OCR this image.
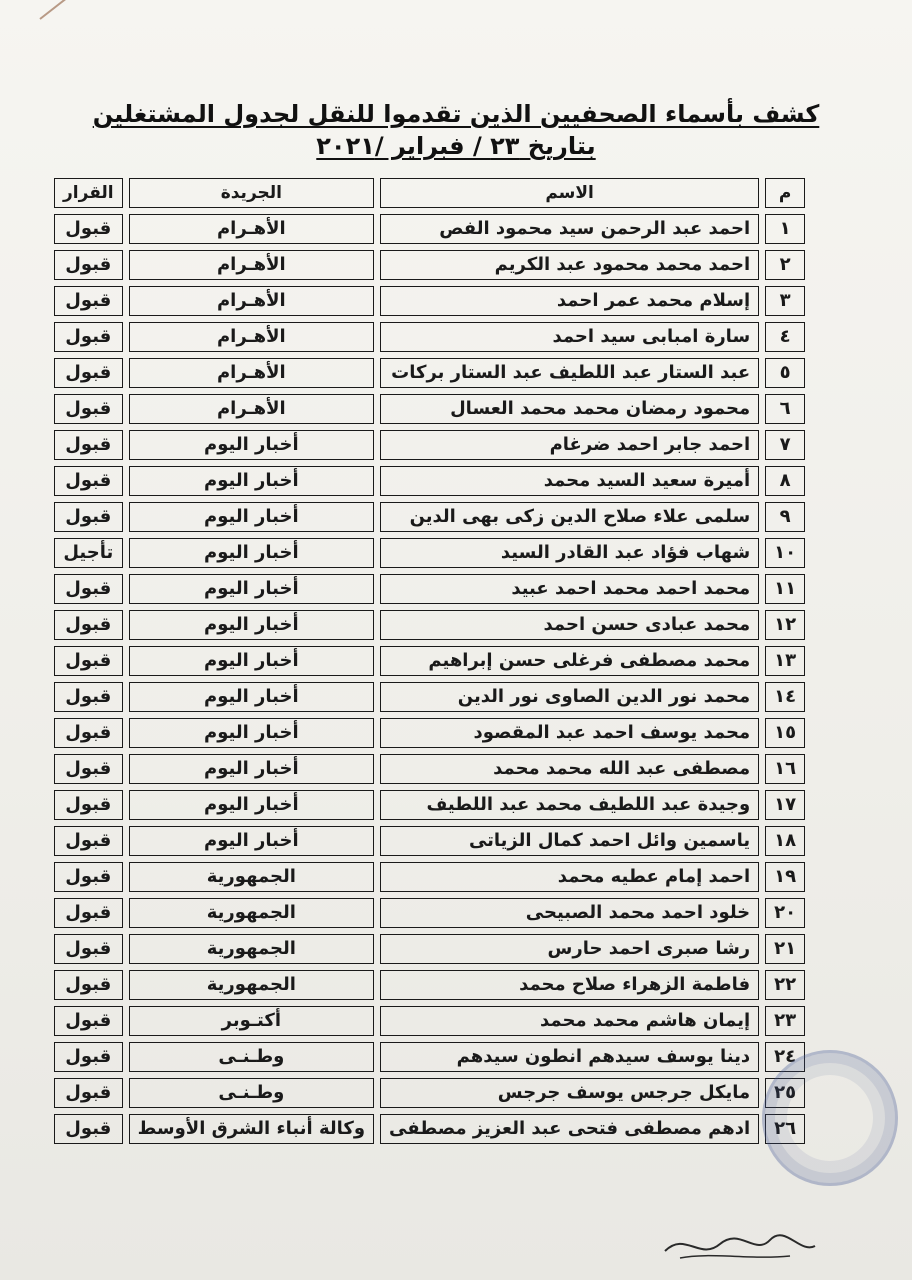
كشف بأسماء الصحفيين الذين تقدموا للنقل لجدول المشتغلين
بتاريخ ٢٣ / فبراير /٢٠٢١
م	الاسم	الجريدة	القرار
١	احمد عبد الرحمن سيد محمود الفص	الأهـرام	قبول
٢	احمد محمد محمود عبد الكريم	الأهـرام	قبول
٣	إسلام محمد عمر احمد	الأهـرام	قبول
٤	سارة امبابى سيد احمد	الأهـرام	قبول
٥	عبد الستار عبد اللطيف عبد الستار بركات	الأهـرام	قبول
٦	محمود رمضان محمد محمد العسال	الأهـرام	قبول
٧	احمد جابر احمد ضرغام	أخبار اليوم	قبول
٨	أميرة سعيد السيد محمد	أخبار اليوم	قبول
٩	سلمى علاء صلاح الدين زكى بهى الدين	أخبار اليوم	قبول
١٠	شهاب فؤاد عبد القادر السيد	أخبار اليوم	تأجيل
١١	محمد احمد محمد احمد عبيد	أخبار اليوم	قبول
١٢	محمد عبادى حسن احمد	أخبار اليوم	قبول
١٣	محمد مصطفى فرغلى حسن إبراهيم	أخبار اليوم	قبول
١٤	محمد نور الدين الصاوى نور الدين	أخبار اليوم	قبول
١٥	محمد يوسف احمد عبد المقصود	أخبار اليوم	قبول
١٦	مصطفى عبد الله محمد محمد	أخبار اليوم	قبول
١٧	وجيدة عبد اللطيف محمد عبد اللطيف	أخبار اليوم	قبول
١٨	ياسمين وائل احمد كمال الزياتى	أخبار اليوم	قبول
١٩	احمد إمام عطيه محمد	الجمهورية	قبول
٢٠	خلود احمد محمد الصبيحى	الجمهورية	قبول
٢١	رشا صبرى احمد حارس	الجمهورية	قبول
٢٢	فاطمة الزهراء صلاح محمد	الجمهورية	قبول
٢٣	إيمان هاشم محمد محمد	أكتـوبر	قبول
٢٤	دينا يوسف سيدهم انطون سيدهم	وطـنـى	قبول
٢٥	مايكل جرجس يوسف جرجس	وطـنـى	قبول
٢٦	ادهم مصطفى فتحى عبد العزيز مصطفى	وكالة أنباء الشرق الأوسط	قبول
